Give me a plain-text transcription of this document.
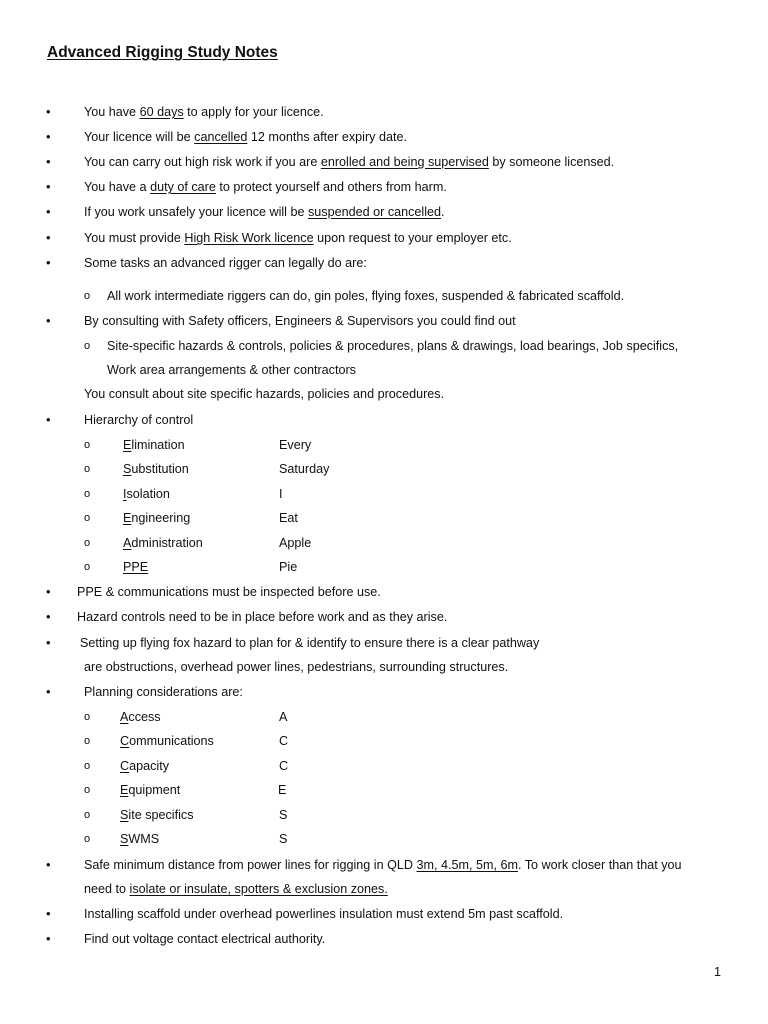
Advanced Rigging Study Notes
•	You have 60 days to apply for your licence.
•	Your licence will be cancelled 12 months after expiry date.
•	You can carry out high risk work if you are enrolled and being supervised by someone licensed.
•	You have a duty of care to protect yourself and others from harm.
•	If you work unsafely your licence will be suspended or cancelled.
•	You must provide High Risk Work licence upon request to your employer etc.
•	Some tasks an advanced rigger can legally do are:
o All work intermediate riggers can do, gin poles, flying foxes, suspended & fabricated scaffold.
•	By consulting with Safety officers, Engineers & Supervisors you could find out
o Site-specific hazards & controls, policies & procedures, plans & drawings, load bearings, Job specifics,
Work area arrangements & other contractors
You consult about site specific hazards, policies and procedures.
•	Hierarchy of control
o	Elimination	Every
o	Substitution	Saturday
o	Isolation	I
o	Engineering	Eat
o	Administration	Apple
o	PPE	Pie
• PPE & communications must be inspected before use.
• Hazard controls need to be in place before work and as they arise.
• Setting up flying fox hazard to plan for & identify to ensure there is a clear pathway
are obstructions, overhead power lines, pedestrians, surrounding structures.
•	Planning considerations are:
o Access	A
o Communications	C
o Capacity	C
o Equipment	E
o Site specifics	S
o SWMS	S
•	Safe minimum distance from power lines for rigging in QLD 3m, 4.5m, 5m, 6m. To work closer than that you
need to isolate or insulate, spotters & exclusion zones.
•	Installing scaffold under overhead powerlines insulation must extend 5m past scaffold.
•	Find out voltage contact electrical authority.
1
